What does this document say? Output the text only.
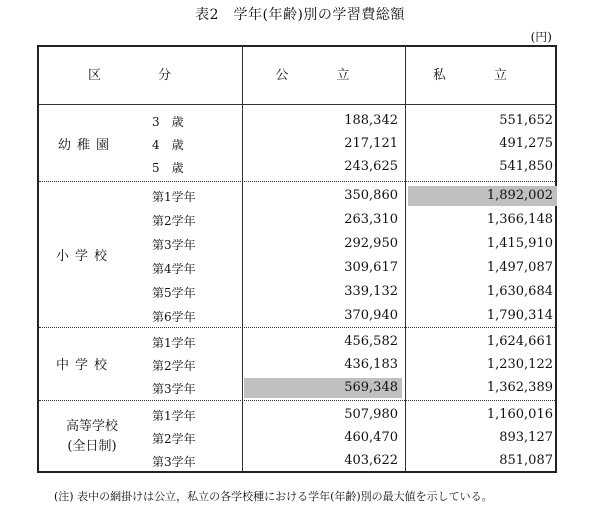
表2　学年(年齢)別の学習費総額
(円)
区　分	公 立	私 立
幼稚園
3　歳	188,342	551,652
4　歳	217,121	491,275
5　歳	243,625	541,850
小学校
第1学年	350,860	1,892,002
第2学年	263,310	1,366,148
第3学年	292,950	1,415,910
第4学年	309,617	1,497,087
第5学年	339,132	1,630,684
第6学年	370,940	1,790,314
中学校
第1学年	456,582	1,624,661
第2学年	436,183	1,230,122
第3学年	569,348	1,362,389
高等学校
(全日制)
第1学年	507,980	1,160,016
第2学年	460,470	893,127
第3学年	403,622	851,087
(注) 表中の網掛けは公立，私立の各学校種における学年(年齢)別の最大値を示している。
